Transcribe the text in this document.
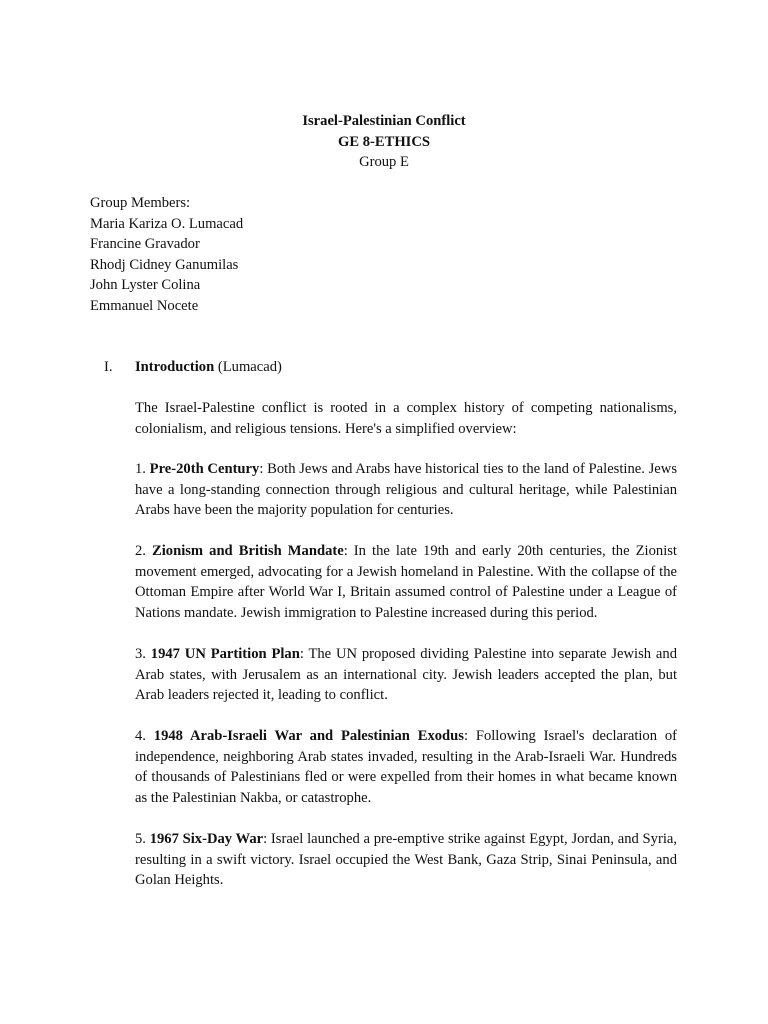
Israel-Palestinian Conflict
GE 8-ETHICS
Group E
Group Members:
Maria Kariza O. Lumacad
Francine Gravador
Rhodj Cidney Ganumilas
John Lyster Colina
Emmanuel Nocete
I. Introduction (Lumacad)

The Israel-Palestine conflict is rooted in a complex history of competing nationalisms, colonialism, and religious tensions. Here's a simplified overview:

1. Pre-20th Century: Both Jews and Arabs have historical ties to the land of Palestine. Jews have a long-standing connection through religious and cultural heritage, while Palestinian Arabs have been the majority population for centuries.

2. Zionism and British Mandate: In the late 19th and early 20th centuries, the Zionist movement emerged, advocating for a Jewish homeland in Palestine. With the collapse of the Ottoman Empire after World War I, Britain assumed control of Palestine under a League of Nations mandate. Jewish immigration to Palestine increased during this period.

3. 1947 UN Partition Plan: The UN proposed dividing Palestine into separate Jewish and Arab states, with Jerusalem as an international city. Jewish leaders accepted the plan, but Arab leaders rejected it, leading to conflict.

4. 1948 Arab-Israeli War and Palestinian Exodus: Following Israel's declaration of independence, neighboring Arab states invaded, resulting in the Arab-Israeli War. Hundreds of thousands of Palestinians fled or were expelled from their homes in what became known as the Palestinian Nakba, or catastrophe.

5. 1967 Six-Day War: Israel launched a pre-emptive strike against Egypt, Jordan, and Syria, resulting in a swift victory. Israel occupied the West Bank, Gaza Strip, Sinai Peninsula, and Golan Heights.
